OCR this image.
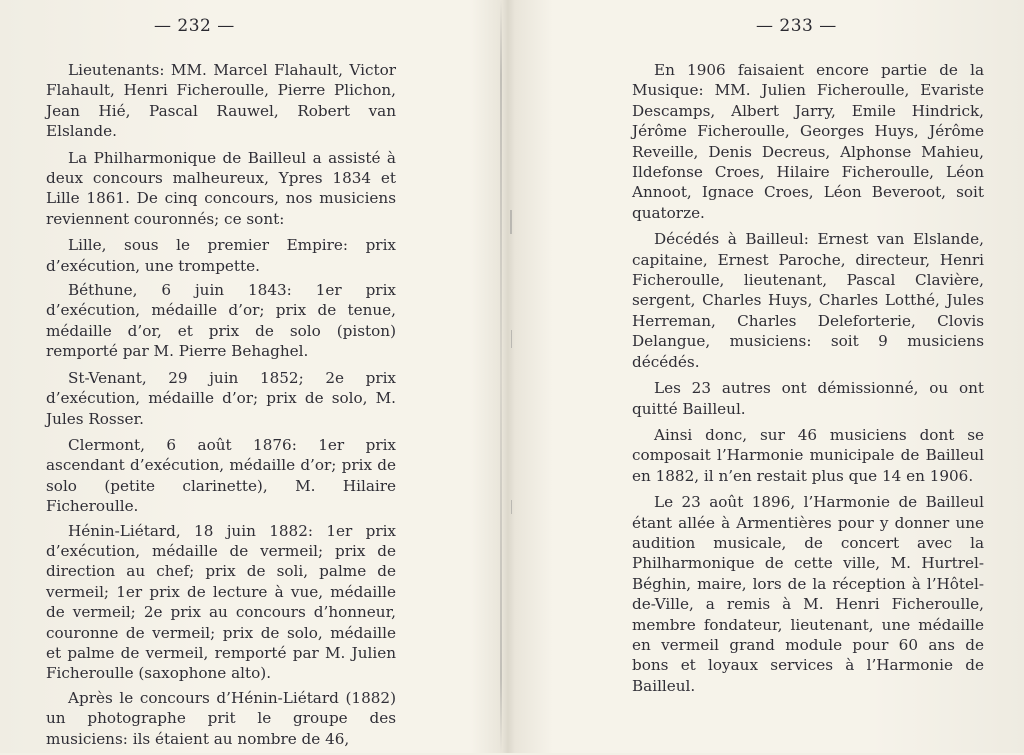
— 232 —

Lieutenants: MM. Marcel Flahault, Victor Flahault, Henri Ficheroulle, Pierre Plichon, Jean Hié, Pascal Rauwel, Robert van Elslande.

La Philharmonique de Bailleul a assisté à deux concours malheureux, Ypres 1834 et Lille 1861. De cinq concours, nos musiciens reviennent couronnés; ce sont:

Lille, sous le premier Empire: prix d’exécution, une trompette.

Béthune, 6 juin 1843: 1er prix d’exécution, médaille d’or; prix de tenue, médaille d’or, et prix de solo (piston) remporté par M. Pierre Behaghel.

St-Venant, 29 juin 1852; 2e prix d’exécution, médaille d’or; prix de solo, M. Jules Rosser.

Clermont, 6 août 1876: 1er prix ascendant d’exécution, médaille d’or; prix de solo (petite clarinette), M. Hilaire Ficheroulle.

Hénin-Liétard, 18 juin 1882: 1er prix d’exécution, médaille de vermeil; prix de direction au chef; prix de soli, palme de vermeil; 1er prix de lecture à vue, médaille de vermeil; 2e prix au concours d’honneur, couronne de vermeil; prix de solo, médaille et palme de vermeil, remporté par M. Julien Ficheroulle (saxophone alto).

Après le concours d’Hénin-Liétard (1882) un photographe prit le groupe des musiciens: ils étaient au nombre de 46,

— 233 —

En 1906 faisaient encore partie de la Musique: MM. Julien Ficheroulle, Evariste Descamps, Albert Jarry, Emile Hindrick, Jérôme Ficheroulle, Georges Huys, Jérôme Reveille, Denis Decreus, Alphonse Mahieu, Ildefonse Croes, Hilaire Ficheroulle, Léon Annoot, Ignace Croes, Léon Beveroot, soit quatorze.

Décédés à Bailleul: Ernest van Elslande, capitaine, Ernest Paroche, directeur, Henri Ficheroulle, lieutenant, Pascal Clavière, sergent, Charles Huys, Charles Lotthé, Jules Herreman, Charles Deleforterie, Clovis Delangue, musiciens: soit 9 musiciens décédés.

Les 23 autres ont démissionné, ou ont quitté Bailleul.

Ainsi donc, sur 46 musiciens dont se composait l’Harmonie municipale de Bailleul en 1882, il n’en restait plus que 14 en 1906.

Le 23 août 1896, l’Harmonie de Bailleul étant allée à Armentières pour y donner une audition musicale, de concert avec la Philharmonique de cette ville, M. Hurtrel-Béghin, maire, lors de la réception à l’Hôtel-de-Ville, a remis à M. Henri Ficheroulle, membre fondateur, lieutenant, une médaille en vermeil grand module pour 60 ans de bons et loyaux services à l’Harmonie de Bailleul.
